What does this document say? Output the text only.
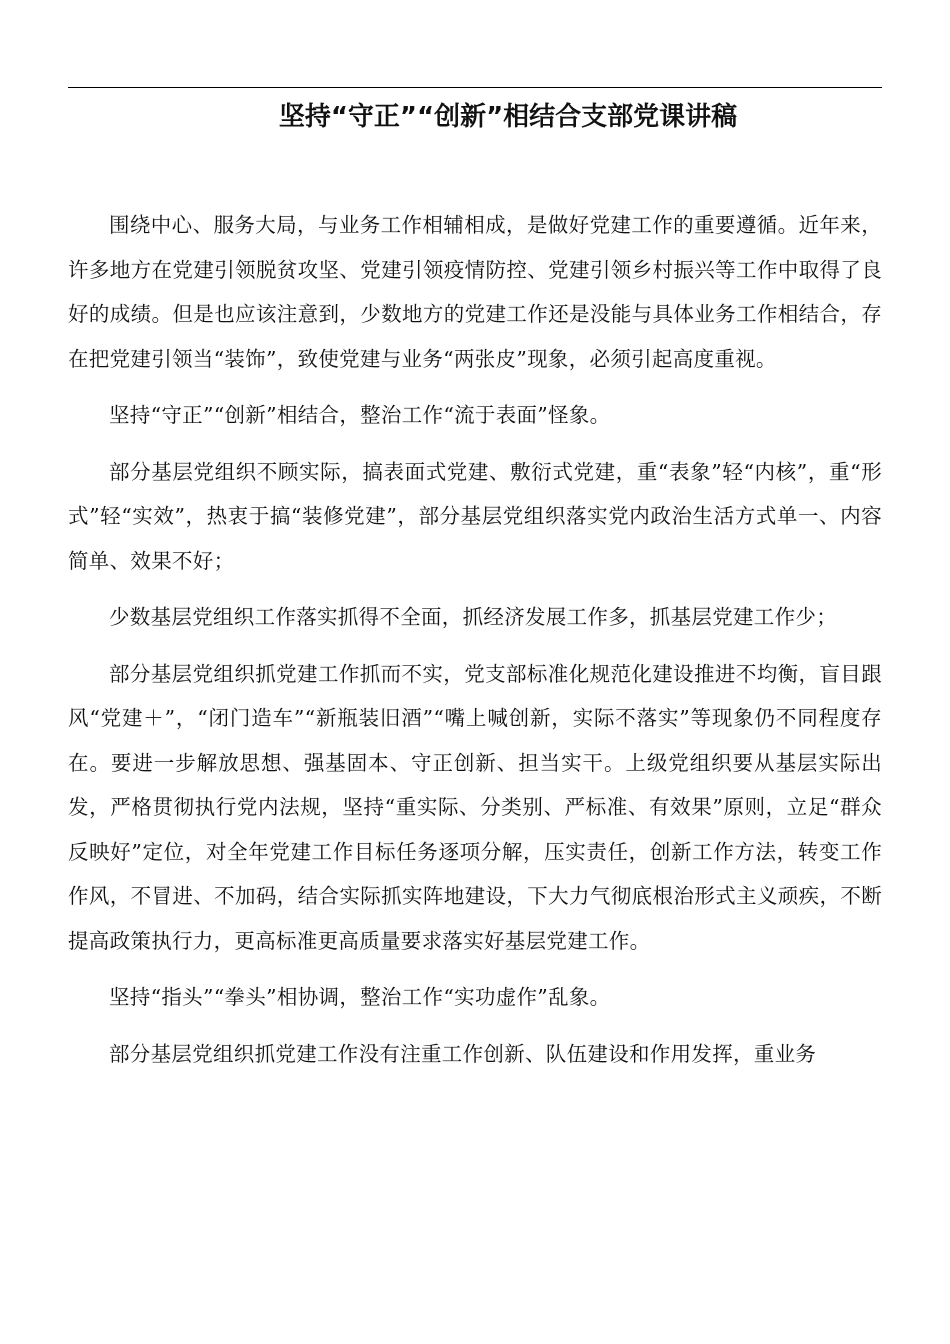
坚持“守正”“创新”相结合支部党课讲稿

围绕中心、服务大局，与业务工作相辅相成，是做好党建工作的重要遵循。近年来，许多地方在党建引领脱贫攻坚、党建引领疫情防控、党建引领乡村振兴等工作中取得了良好的成绩。但是也应该注意到，少数地方的党建工作还是没能与具体业务工作相结合，存在把党建引领当“装饰”，致使党建与业务“两张皮”现象，必须引起高度重视。

坚持“守正”“创新”相结合，整治工作“流于表面”怪象。

部分基层党组织不顾实际，搞表面式党建、敷衍式党建，重“表象”轻“内核”，重“形式”轻“实效”，热衷于搞“装修党建”，部分基层党组织落实党内政治生活方式单一、内容简单、效果不好；

少数基层党组织工作落实抓得不全面，抓经济发展工作多，抓基层党建工作少；

部分基层党组织抓党建工作抓而不实，党支部标准化规范化建设推进不均衡，盲目跟风“党建＋”，“闭门造车”“新瓶装旧酒”“嘴上喊创新，实际不落实”等现象仍不同程度存在。要进一步解放思想、强基固本、守正创新、担当实干。上级党组织要从基层实际出发，严格贯彻执行党内法规，坚持“重实际、分类别、严标准、有效果”原则，立足“群众反映好”定位，对全年党建工作目标任务逐项分解，压实责任，创新工作方法，转变工作作风，不冒进、不加码，结合实际抓实阵地建设，下大力气彻底根治形式主义顽疾，不断提高政策执行力，更高标准更高质量要求落实好基层党建工作。

坚持“指头”“拳头”相协调，整治工作“实功虚作”乱象。

部分基层党组织抓党建工作没有注重工作创新、队伍建设和作用发挥，重业务
